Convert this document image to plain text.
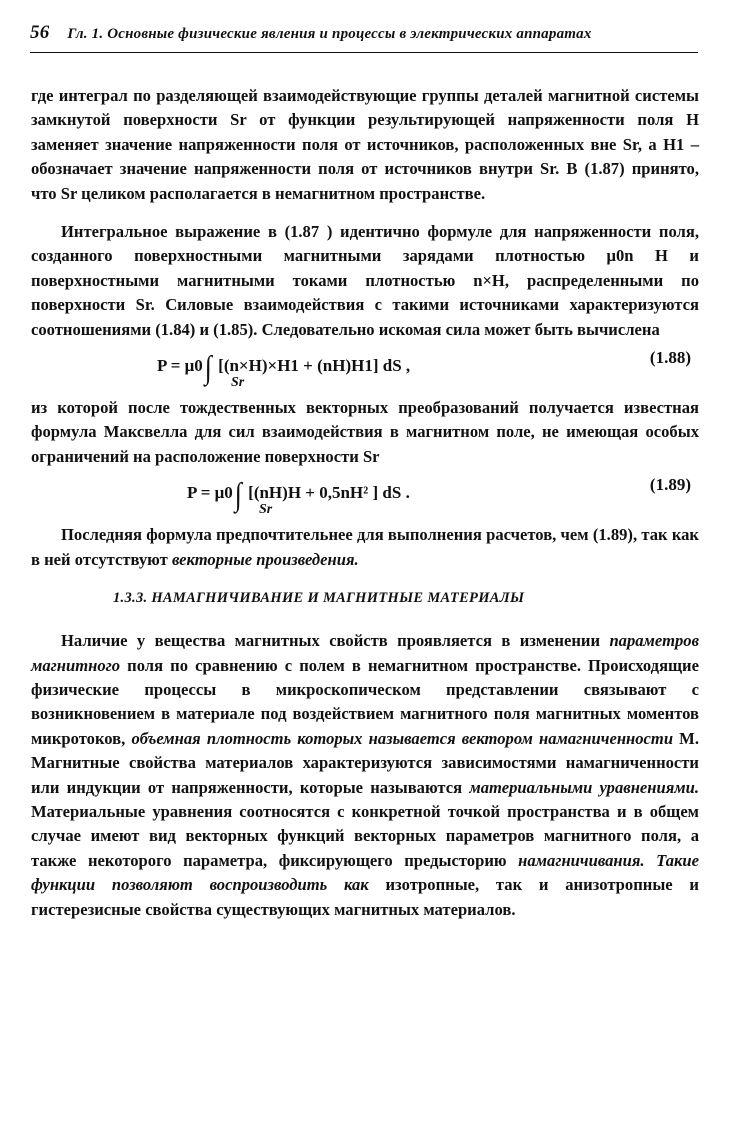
56 Гл. 1. Основные физические явления и процессы в электрических аппаратах

где интеграл по разделяющей взаимодействующие группы деталей магнитной системы замкнутой поверхности Sr от функции результирующей напряженности поля H заменяет значение напряженности поля от источников, расположенных вне Sr, а H1 – обозначает значение напряженности поля от источников внутри Sr. В (1.87) принято, что Sr целиком располагается в немагнитном пространстве.

Интегральное выражение в (1.87 ) идентично формуле для напряженности поля, созданного поверхностными магнитными зарядами плотностью μ0n H и поверхностными магнитными токами плотностью n×H, распределенными по поверхности Sr. Силовые взаимодействия с такими источниками характеризуются соотношениями (1.84) и (1.85). Следовательно искомая сила может быть вычислена

P = μ0∫ [(n×H)×H1 + (nH)H1] dS ,
Sr
(1.88)

из которой после тождественных векторных преобразований получается известная формула Максвелла для сил взаимодействия в магнитном поле, не имеющая особых ограничений на расположение поверхности Sr

P = μ0∫ [(nH)H + 0,5nH² ] dS .
Sr
(1.89)

Последняя формула предпочтительнее для выполнения расчетов, чем (1.89), так как в ней отсутствуют векторные произведения.

1.3.3. НАМАГНИЧИВАНИЕ И МАГНИТНЫЕ МАТЕРИАЛЫ

Наличие у вещества магнитных свойств проявляется в изменении параметров магнитного поля по сравнению с полем в немагнитном пространстве. Происходящие физические процессы в микроскопическом представлении связывают с возникновением в материале под воздействием магнитного поля магнитных моментов микротоков, объемная плотность которых называется вектором намагниченности M. Магнитные свойства материалов характеризуются зависимостями намагниченности или индукции от напряженности, которые называются материальными уравнениями. Материальные уравнения соотносятся с конкретной точкой пространства и в общем случае имеют вид векторных функций векторных параметров магнитного поля, а также некоторого параметра, фиксирующего предысторию намагничивания. Такие функции позволяют воспроизводить как изотропные, так и анизотропные и гистерезисные свойства существующих магнитных материалов.
